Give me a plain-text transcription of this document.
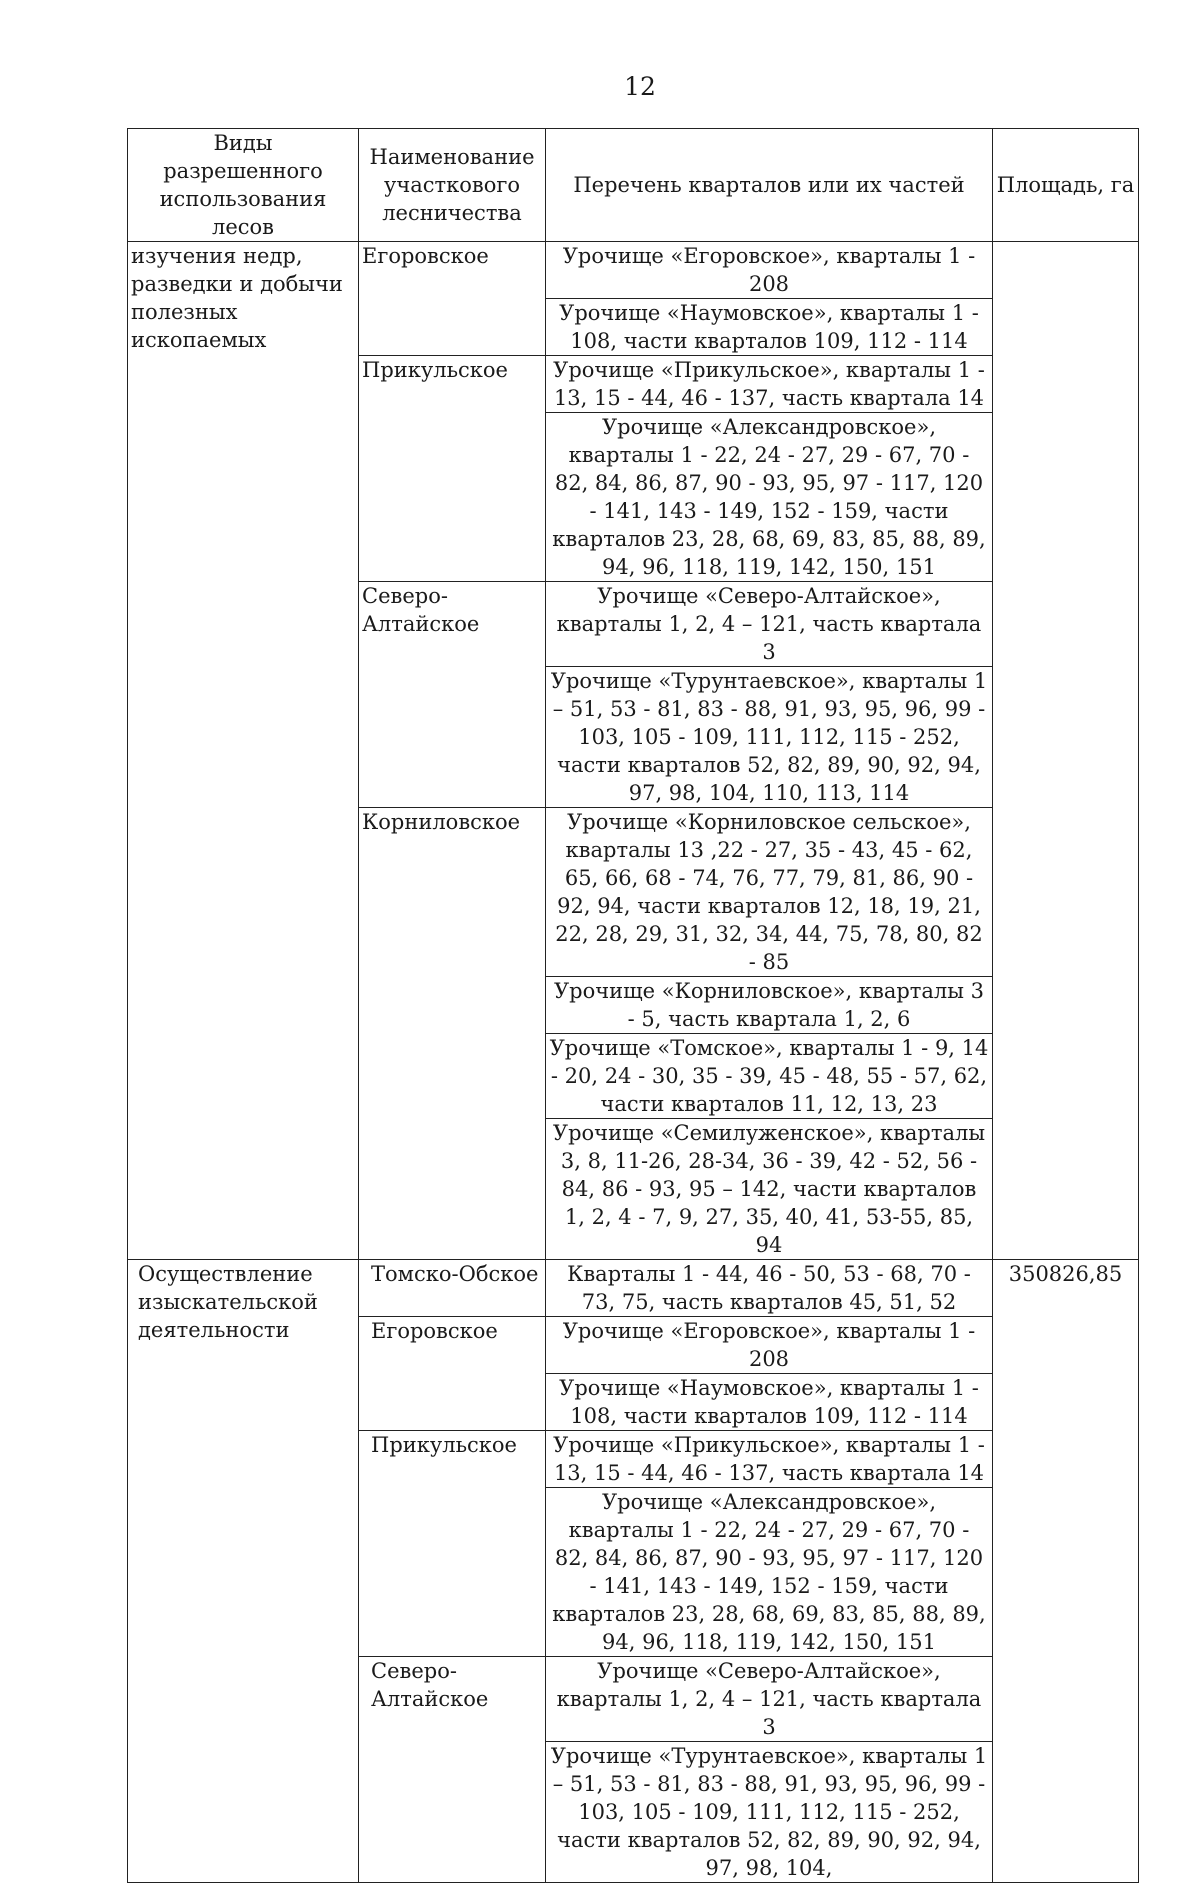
12
Виды разрешенного использования лесов	Наименование участкового лесничества	Перечень кварталов или их частей	Площадь, га
изучения недр, разведки и добычи полезных ископаемых	Егоровское	Урочище «Егоровское», кварталы 1 - 208	
		Урочище «Наумовское», кварталы 1 - 108, части кварталов 109, 112 - 114	
	Прикульское	Урочище «Прикульское», кварталы 1 - 13, 15 - 44, 46 - 137, часть квартала 14	
		Урочище «Александровское», кварталы 1 - 22, 24 - 27, 29 - 67, 70 - 82, 84, 86, 87, 90 - 93, 95, 97 - 117, 120 - 141, 143 - 149, 152 - 159, части кварталов 23, 28, 68, 69, 83, 85, 88, 89, 94, 96, 118, 119, 142, 150, 151	
	Северо-Алтайское	Урочище «Северо-Алтайское», кварталы 1, 2, 4 – 121, часть квартала 3	
		Урочище «Турунтаевское», кварталы 1 – 51, 53 - 81, 83 - 88, 91, 93, 95, 96, 99 - 103, 105 - 109, 111, 112, 115 - 252, части кварталов 52, 82, 89, 90, 92, 94, 97, 98, 104, 110, 113, 114	
	Корниловское	Урочище «Корниловское сельское», кварталы 13 ,22 - 27, 35 - 43, 45 - 62, 65, 66, 68 - 74, 76, 77, 79, 81, 86, 90 - 92, 94, части кварталов 12, 18, 19, 21, 22, 28, 29, 31, 32, 34, 44, 75, 78, 80, 82 - 85	
		Урочище «Корниловское», кварталы 3 - 5, часть квартала 1, 2, 6	
		Урочище «Томское», кварталы 1 - 9, 14 - 20, 24 - 30, 35 - 39, 45 - 48, 55 - 57, 62, части кварталов 11, 12, 13, 23	
		Урочище «Семилуженское», кварталы 3, 8, 11-26, 28-34, 36 - 39, 42 - 52, 56 - 84, 86 - 93, 95 – 142, части кварталов 1, 2, 4 - 7, 9, 27, 35, 40, 41, 53-55, 85, 94	
Осуществление изыскательской деятельности	Томско-Обское	Кварталы 1 - 44, 46 - 50, 53 - 68, 70 - 73, 75, часть кварталов 45, 51, 52	350826,85
	Егоровское	Урочище «Егоровское», кварталы 1 - 208	
		Урочище «Наумовское», кварталы 1 - 108, части кварталов 109, 112 - 114	
	Прикульское	Урочище «Прикульское», кварталы 1 - 13, 15 - 44, 46 - 137, часть квартала 14	
		Урочище «Александровское», кварталы 1 - 22, 24 - 27, 29 - 67, 70 - 82, 84, 86, 87, 90 - 93, 95, 97 - 117, 120 - 141, 143 - 149, 152 - 159, части кварталов 23, 28, 68, 69, 83, 85, 88, 89, 94, 96, 118, 119, 142, 150, 151	
	Северо-Алтайское	Урочище «Северо-Алтайское», кварталы 1, 2, 4 – 121, часть квартала 3	
		Урочище «Турунтаевское», кварталы 1 – 51, 53 - 81, 83 - 88, 91, 93, 95, 96, 99 - 103, 105 - 109, 111, 112, 115 - 252, части кварталов 52, 82, 89, 90, 92, 94, 97, 98, 104,	
